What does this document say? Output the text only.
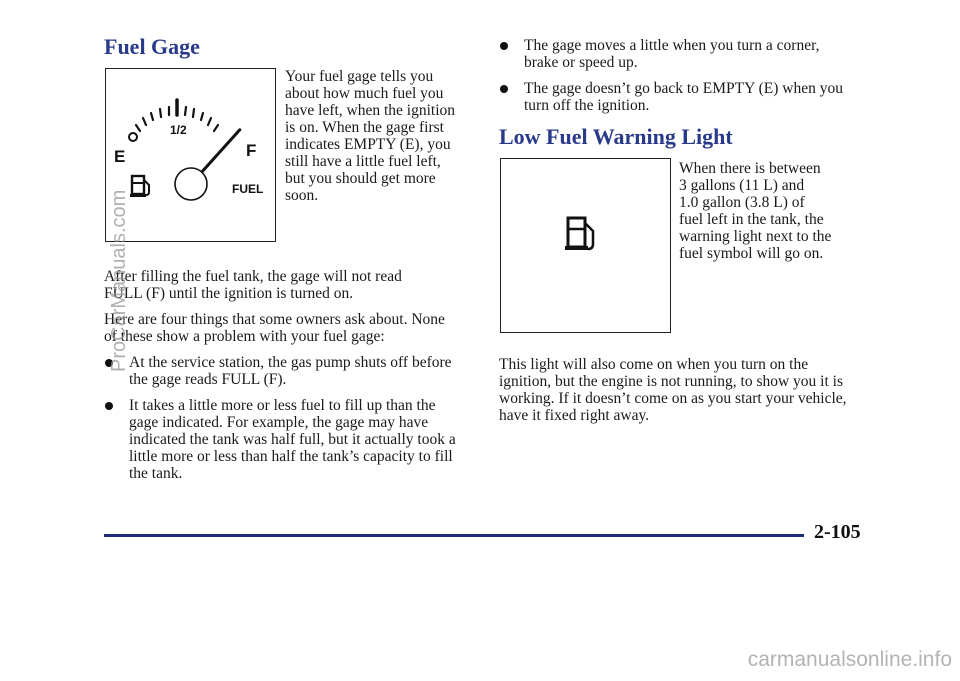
Fuel Gage
1/2
E	F
FUEL
Your fuel gage tells you
about how much fuel you
have left, when the ignition
is on. When the gage first
indicates EMPTY (E), you
still have a little fuel left,
but you should get more
soon.
After filling the fuel tank, the gage will not read
FULL (F) until the ignition is turned on.
Here are four things that some owners ask about. None
of these show a problem with your fuel gage:
At the service station, the gas pump shuts off before
the gage reads FULL (F).
It takes a little more or less fuel to fill up than the
gage indicated. For example, the gage may have
indicated the tank was half full, but it actually took a
little more or less than half the tank’s capacity to fill
the tank.
The gage moves a little when you turn a corner,
brake or speed up.
The gage doesn’t go back to EMPTY (E) when you
turn off the ignition.
Low Fuel Warning Light
When there is between
3 gallons (11 L) and
1.0 gallon (3.8 L) of
fuel left in the tank, the
warning light next to the
fuel symbol will go on.
This light will also come on when you turn on the
ignition, but the engine is not running, to show you it is
working. If it doesn’t come on as you start your vehicle,
have it fixed right away.
2-105
ProCarManuals.com
carmanualsonline.info
